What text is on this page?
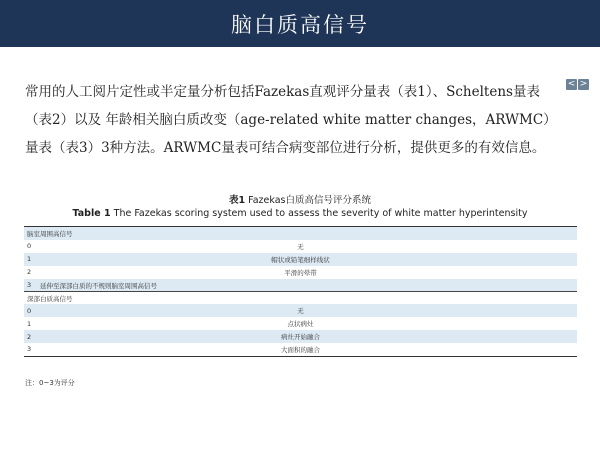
脑白质高信号
常用的人工阅片定性或半定量分析包括Fazekas直观评分量表（表1）、Scheltens量表（表2）以及 年龄相关脑白质改变（age-related white matter changes，ARWMC）量表（表3）3种方法。ARWMC量表可结合病变部位进行分析，提供更多的有效信息。
< >
表1 Fazekas白质高信号评分系统
Table 1 The Fazekas scoring system used to assess the severity of white matter hyperintensity
脑室周围高信号
0	无
1	帽状或铅笔细样线状
2	平滑的晕带
3 延伸至深部白质的不规则脑室周围高信号
深部白质高信号
0	无
1	点状病灶
2	病灶开始融合
3	大面积的融合
注：0~3为评分
